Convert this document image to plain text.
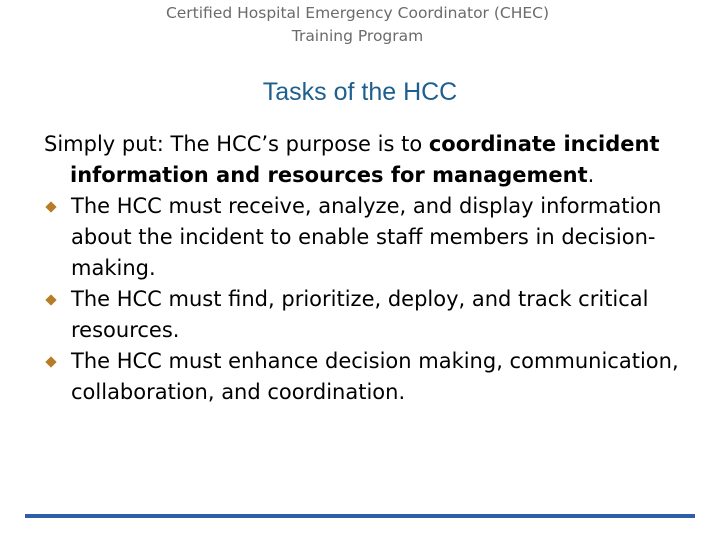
Certified Hospital Emergency Coordinator (CHEC)
Training Program
Tasks of the HCC

Simply put: The HCC’s purpose is to coordinate incident information and resources for management.

The HCC must receive, analyze, and display information about the incident to enable staff members in decision-making.
The HCC must find, prioritize, deploy, and track critical resources.
The HCC must enhance decision making, communication, collaboration, and coordination.
